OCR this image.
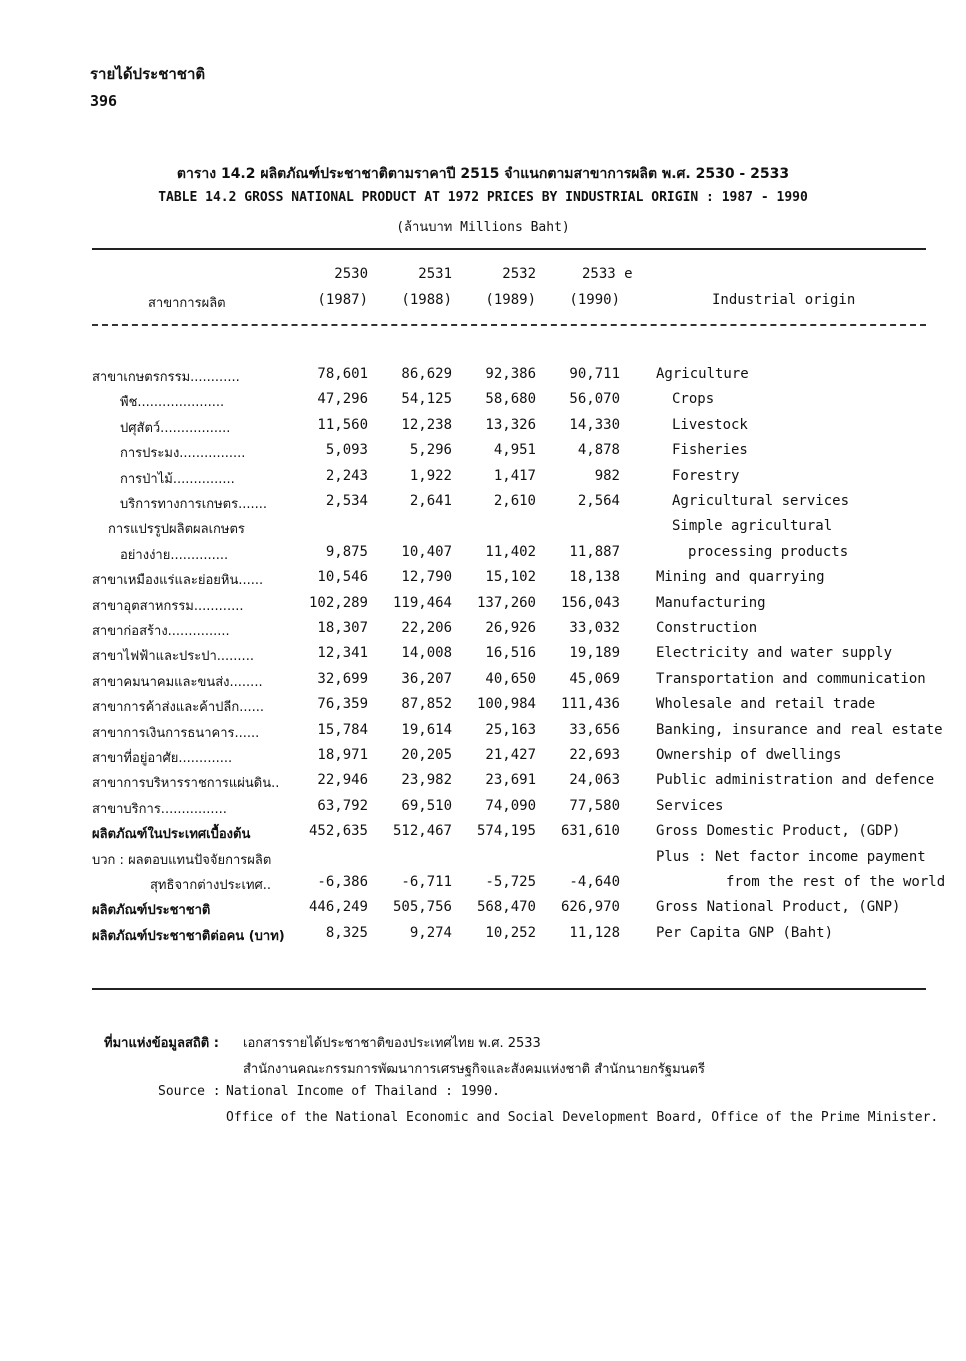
รายได้ประชาชาติ
396
ตาราง 14.2 ผลิตภัณฑ์ประชาชาติตามราคาปี 2515 จำแนกตามสาขาการผลิต พ.ศ. 2530 - 2533
TABLE 14.2 GROSS NATIONAL PRODUCT AT 1972 PRICES BY INDUSTRIAL ORIGIN : 1987 - 1990
(ล้านบาท Millions Baht)
สาขาการผลิต
2530	2531	2532	2533 e
(1987)	(1988)	(1989)	(1990)	Industrial origin
สาขาเกษตรกรรม............	78,601	86,629	92,386	90,711	Agriculture
พืช.....................	47,296	54,125	58,680	56,070	Crops
ปศุสัตว์.................	11,560	12,238	13,326	14,330	Livestock
การประมง................	5,093	5,296	4,951	4,878	Fisheries
การป่าไม้...............	2,243	1,922	1,417	982	Forestry
บริการทางการเกษตร.......	2,534	2,641	2,610	2,564	Agricultural services
การแปรรูปผลิตผลเกษตร	Simple agricultural
อย่างง่าย..............	9,875	10,407	11,402	11,887	processing products
สาขาเหมืองแร่และย่อยหิน......	10,546	12,790	15,102	18,138	Mining and quarrying
สาขาอุตสาหกรรม............	102,289	119,464	137,260	156,043	Manufacturing
สาขาก่อสร้าง...............	18,307	22,206	26,926	33,032	Construction
สาขาไฟฟ้าและประปา.........	12,341	14,008	16,516	19,189	Electricity and water supply
สาขาคมนาคมและขนส่ง........	32,699	36,207	40,650	45,069	Transportation and communication
สาขาการค้าส่งและค้าปลีก......	76,359	87,852	100,984	111,436	Wholesale and retail trade
สาขาการเงินการธนาคาร......	15,784	19,614	25,163	33,656	Banking, insurance and real estate
สาขาที่อยู่อาศัย.............	18,971	20,205	21,427	22,693	Ownership of dwellings
สาขาการบริหารราชการแผ่นดิน..	22,946	23,982	23,691	24,063	Public administration and defence
สาขาบริการ................	63,792	69,510	74,090	77,580	Services
ผลิตภัณฑ์ในประเทศเบื้องต้น	452,635	512,467	574,195	631,610	Gross Domestic Product, (GDP)
บวก : ผลตอบแทนปัจจัยการผลิต	Plus : Net factor income payment
สุทธิจากต่างประเทศ..	-6,386	-6,711	-5,725	-4,640	from the rest of the world
ผลิตภัณฑ์ประชาชาติ	446,249	505,756	568,470	626,970	Gross National Product, (GNP)
ผลิตภัณฑ์ประชาชาติต่อคน (บาท)	8,325	9,274	10,252	11,128	Per Capita GNP (Baht)
ที่มาแห่งข้อมูลสถิติ : เอกสารรายได้ประชาชาติของประเทศไทย พ.ศ. 2533
สำนักงานคณะกรรมการพัฒนาการเศรษฐกิจและสังคมแห่งชาติ สำนักนายกรัฐมนตรี
Source : National Income of Thailand : 1990.
Office of the National Economic and Social Development Board, Office of the Prime Minister.
